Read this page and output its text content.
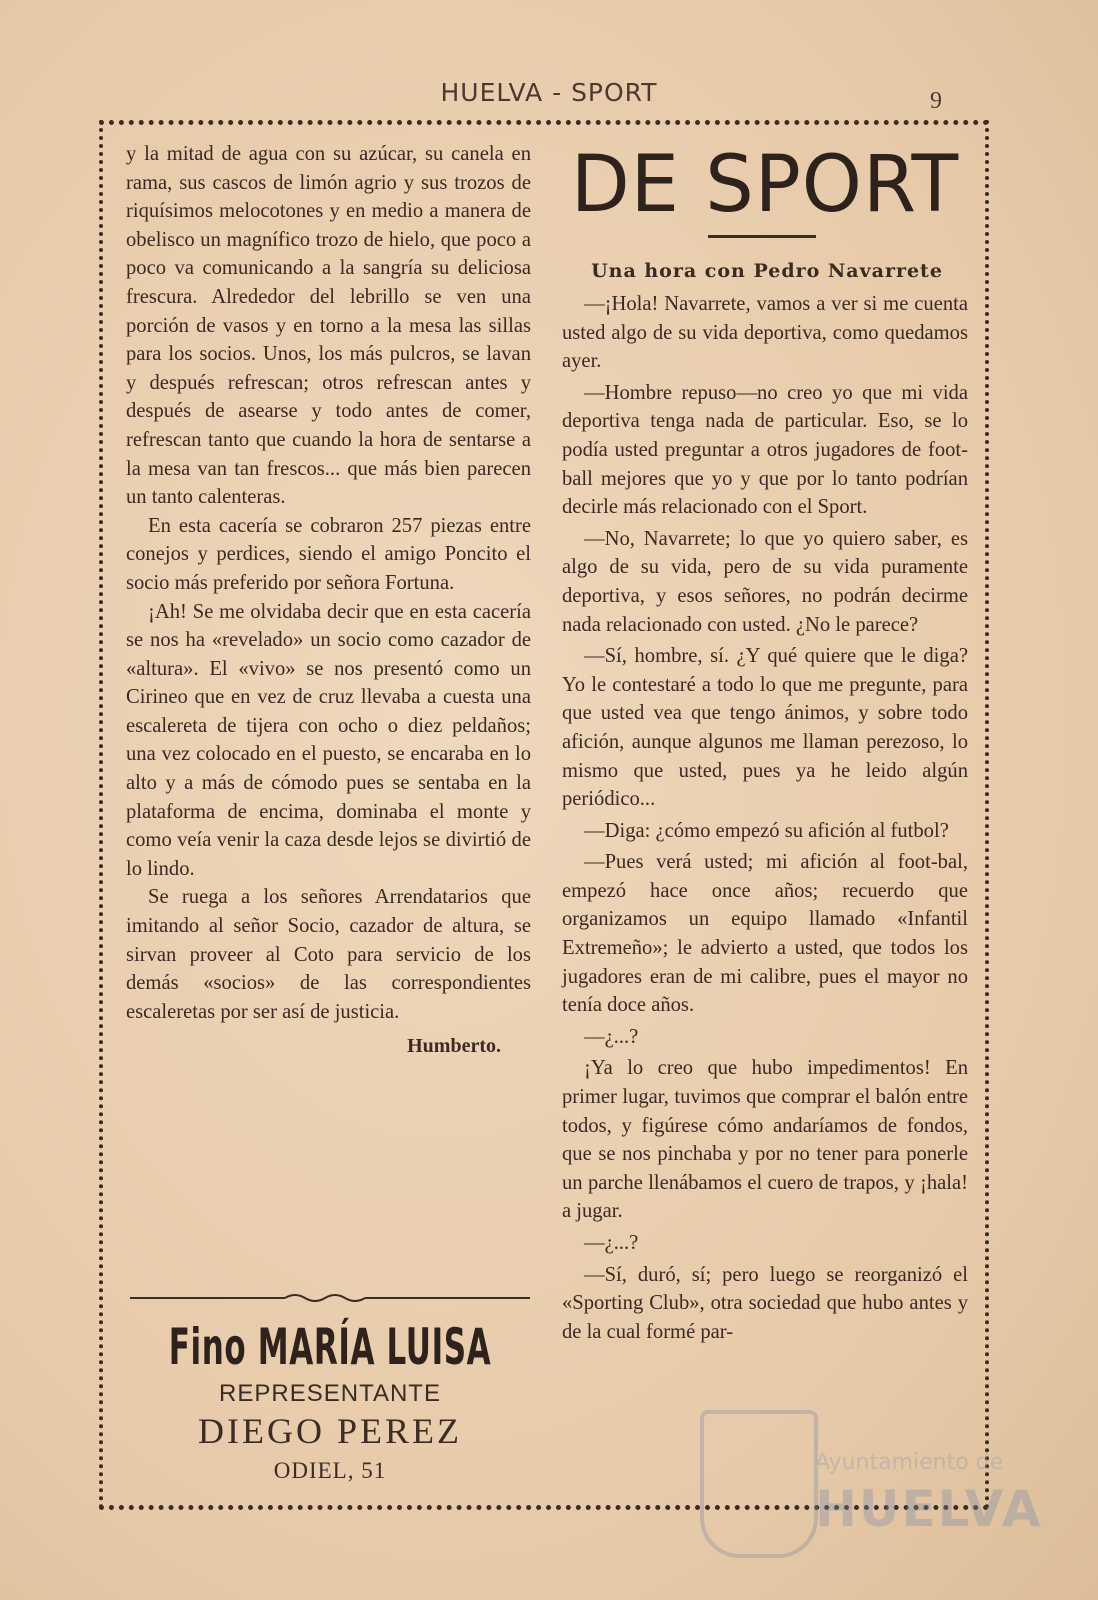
HUELVA - SPORT	9

y la mitad de agua con su azúcar, su canela en rama, sus cascos de limón agrio y sus trozos de riquísimos melocotones y en medio a manera de obelisco un magnífico trozo de hielo, que poco a poco va comunicando a la sangría su deliciosa frescura. Alrededor del lebrillo se ven una porción de vasos y en torno a la mesa las sillas para los socios. Unos, los más pulcros, se lavan y después refrescan; otros refrescan antes y después de asearse y todo antes de comer, refrescan tanto que cuando la hora de sentarse a la mesa van tan frescos... que más bien parecen un tanto calenteras.

En esta cacería se cobraron 257 piezas entre conejos y perdices, siendo el amigo Poncito el socio más preferido por señora Fortuna.

¡Ah! Se me olvidaba decir que en esta cacería se nos ha «revelado» un socio como cazador de «altura». El «vivo» se nos presentó como un Cirineo que en vez de cruz llevaba a cuesta una escalereta de tijera con ocho o diez peldaños; una vez colocado en el puesto, se encaraba en lo alto y a más de cómodo pues se sentaba en la plataforma de encima, dominaba el monte y como veía venir la caza desde lejos se divirtió de lo lindo.

Se ruega a los señores Arrendatarios que imitando al señor Socio, cazador de altura, se sirvan proveer al Coto para servicio de los demás «socios» de las correspondientes escaleretas por ser así de justicia.

Humberto.
Fino MARÍA LUISA
REPRESENTANTE
DIEGO PEREZ
ODIEL, 51
DE SPORT
Una hora con Pedro Navarrete

—¡Hola! Navarrete, vamos a ver si me cuenta usted algo de su vida deportiva, como quedamos ayer.

—Hombre repuso—no creo yo que mi vida deportiva tenga nada de particular. Eso, se lo podía usted preguntar a otros jugadores de foot-ball mejores que yo y que por lo tanto podrían decirle más relacionado con el Sport.

—No, Navarrete; lo que yo quiero saber, es algo de su vida, pero de su vida puramente deportiva, y esos señores, no podrán decirme nada relacionado con usted. ¿No le parece?

—Sí, hombre, sí. ¿Y qué quiere que le diga? Yo le contestaré a todo lo que me pregunte, para que usted vea que tengo ánimos, y sobre todo afición, aunque algunos me llaman perezoso, lo mismo que usted, pues ya he leido algún periódico...

—Diga: ¿cómo empezó su afición al futbol?

—Pues verá usted; mi afición al foot-bal, empezó hace once años; recuerdo que organizamos un equipo llamado «Infantil Extremeño»; le advierto a usted, que todos los jugadores eran de mi calibre, pues el mayor no tenía doce años.

—¿...?

¡Ya lo creo que hubo impedimentos! En primer lugar, tuvimos que comprar el balón entre todos, y figúrese cómo andaríamos de fondos, que se nos pinchaba y por no tener para ponerle un parche llenábamos el cuero de trapos, y ¡hala! a jugar.

—¿...?

—Sí, duró, sí; pero luego se reorganizó el «Sporting Club», otra sociedad que hubo antes y de la cual formé par-

Ayuntamiento de
HUELVA
